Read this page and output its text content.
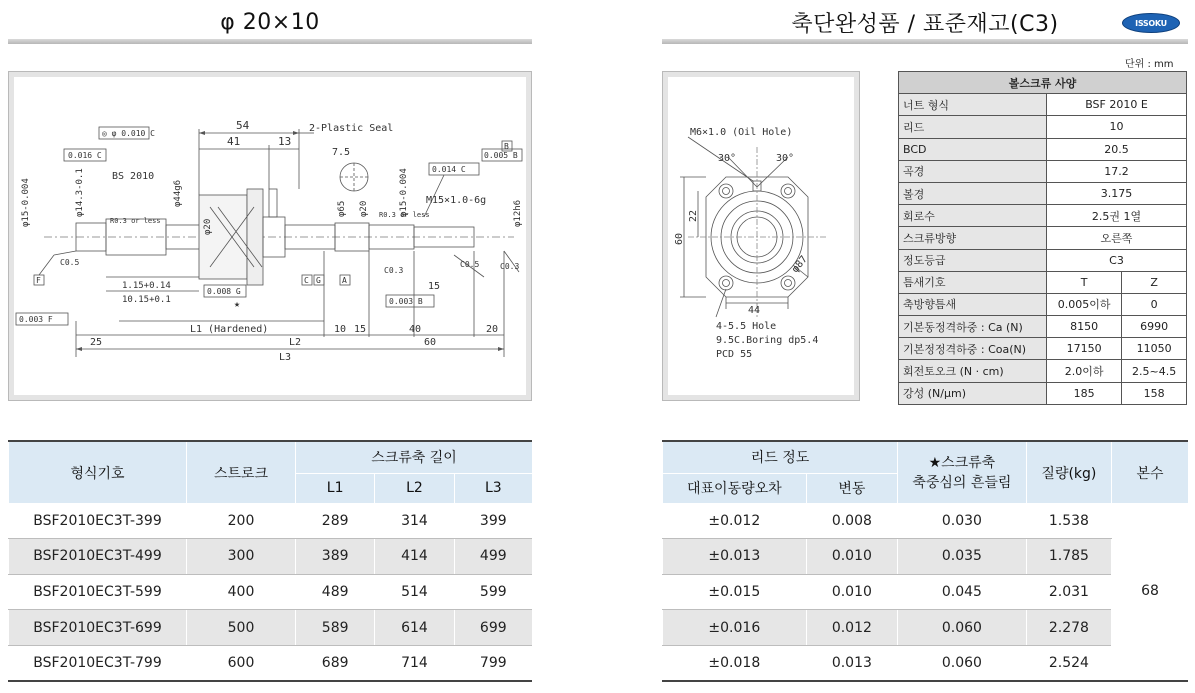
φ 20×10	축단완성품 / 표준재고(C3)	ISSOKU
단위 : mm
54
41	13
2-Plastic Seal
◎ φ 0.010 C
0.016 C
0.014 C
0.005 B
0.003 F
0.008 G
0.003 B
BS 2010
M15×1.0-6g
7.5
R0.3 or less
R0.3 or less
C0.5	C0.5	C0.3
C0.3
1.15+0.14
10.15+0.1
L1 (Hardened)
L2
L3
25
40
60
20
15
10 15
F	C G	A
B
★
φ15-0.004	φ14.3-0.1	φ44g6
φ65
φ20
φ20	φ15-0.004	φ12h6
M6×1.0 (Oil Hole)
30°	30°
22
60
44
φ87
4-5.5 Hole
9.5C.Boring dp5.4
PCD 55
볼스크류 사양		
너트 형식	BSF 2010 E	
리드	10	
BCD	20.5	
곡경	17.2	
볼경	3.175	
회로수	2.5권 1열	
스크류방향	오른쪽	
정도등급	C3	
틈새기호	T	Z
축방향틈새	0.005이하	0
기본동정격하중 : Ca (N)	8150	6990
기본정정격하중 : Coa(N)	17150	11050
회전토오크 (N · cm)	2.0이하	2.5~4.5
강성 (N/μm)	185	158
형식기호	스트로크	스크류축 길이		
		L1	L2	L3
BSF2010EC3T-399	200	289	314	399
BSF2010EC3T-499	300	389	414	499
BSF2010EC3T-599	400	489	514	599
BSF2010EC3T-699	500	589	614	699
BSF2010EC3T-799	600	689	714	799
리드 정도		★스크류축
축중심의 흔들림	질량(kg)	본수
대표이동량오차	변동			
±0.012	0.008	0.030	1.538	68
±0.013	0.010	0.035	1.785	
±0.015	0.010	0.045	2.031	
±0.016	0.012	0.060	2.278	
±0.018	0.013	0.060	2.524	
